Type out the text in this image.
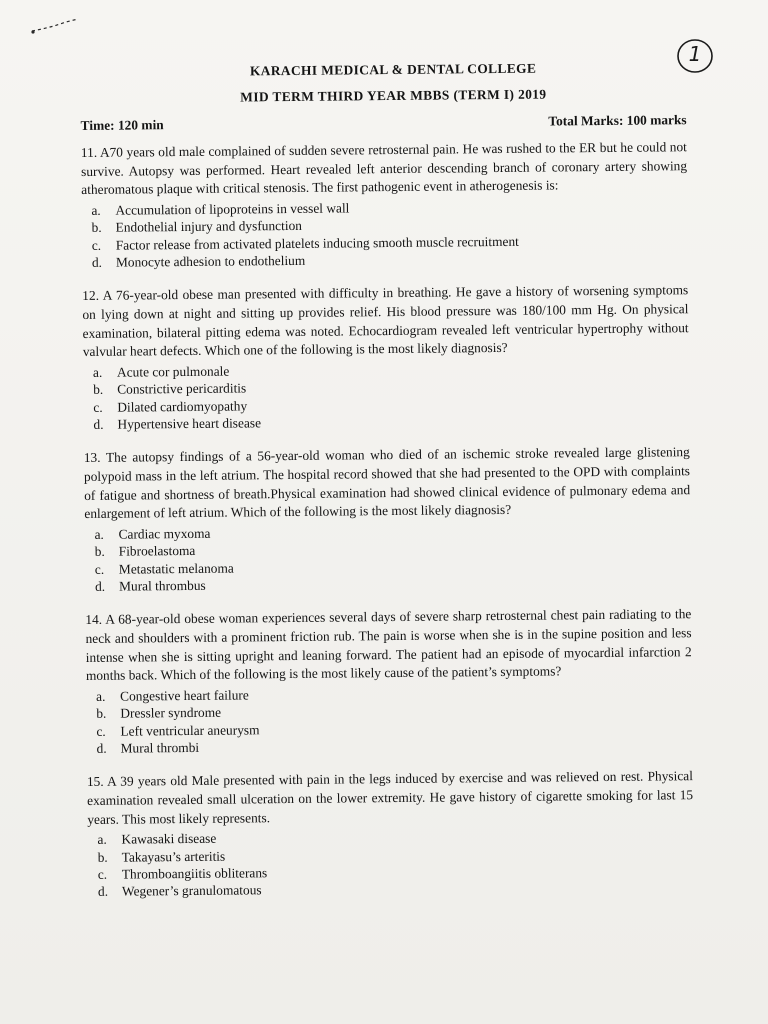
1
KARACHI MEDICAL & DENTAL COLLEGE
MID TERM THIRD YEAR MBBS (TERM I) 2019
Time: 120 min	Total Marks: 100 marks

11. A70 years old male complained of sudden severe retrosternal pain. He was rushed to the ER but he could not survive. Autopsy was performed. Heart revealed left anterior descending branch of coronary artery showing atheromatous plaque with critical stenosis. The first pathogenic event in atherogenesis is:

a.	Accumulation of lipoproteins in vessel wall
b.	Endothelial injury and dysfunction
c.	Factor release from activated platelets inducing smooth muscle recruitment
d.	Monocyte adhesion to endothelium

12. A 76-year-old obese man presented with difficulty in breathing. He gave a history of worsening symptoms on lying down at night and sitting up provides relief. His blood pressure was 180/100 mm Hg. On physical examination, bilateral pitting edema was noted. Echocardiogram revealed left ventricular hypertrophy without valvular heart defects. Which one of the following is the most likely diagnosis?

a.	Acute cor pulmonale
b.	Constrictive pericarditis
c.	Dilated cardiomyopathy
d.	Hypertensive heart disease

13. The autopsy findings of a 56-year-old woman who died of an ischemic stroke revealed large glistening polypoid mass in the left atrium. The hospital record showed that she had presented to the OPD with complaints of fatigue and shortness of breath.Physical examination had showed clinical evidence of pulmonary edema and enlargement of left atrium. Which of the following is the most likely diagnosis?

a.	Cardiac myxoma
b.	Fibroelastoma
c.	Metastatic melanoma
d.	Mural thrombus

14. A 68-year-old obese woman experiences several days of severe sharp retrosternal chest pain radiating to the neck and shoulders with a prominent friction rub. The pain is worse when she is in the supine position and less intense when she is sitting upright and leaning forward. The patient had an episode of myocardial infarction 2 months back. Which of the following is the most likely cause of the patient’s symptoms?

a.	Congestive heart failure
b.	Dressler syndrome
c.	Left ventricular aneurysm
d.	Mural thrombi

15. A 39 years old Male presented with pain in the legs induced by exercise and was relieved on rest. Physical examination revealed small ulceration on the lower extremity. He gave history of cigarette smoking for last 15 years. This most likely represents.

a.	Kawasaki disease
b.	Takayasu’s arteritis
c.	Thromboangiitis obliterans
d.	Wegener’s granulomatous
